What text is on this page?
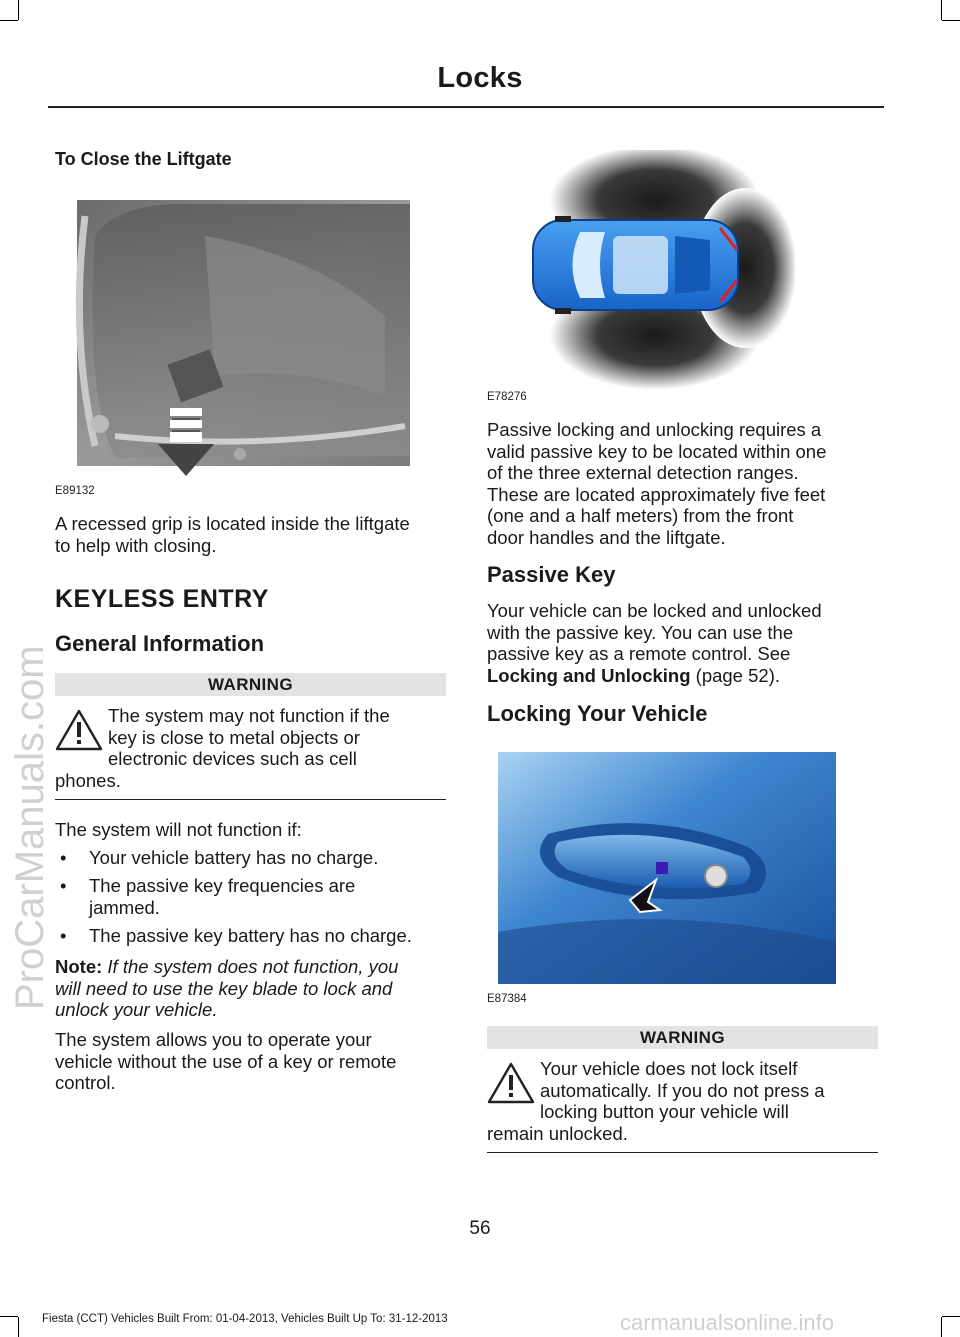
Locks
To Close the Liftgate
E89132
A recessed grip is located inside the liftgate
to help with closing.
KEYLESS ENTRY
General Information
WARNING
The system may not function if the
key is close to metal objects or
electronic devices such as cell
phones.
The system will not function if:
• Your vehicle battery has no charge.
• The passive key frequencies are
jammed.
• The passive key battery has no charge.
Note: If the system does not function, you
will need to use the key blade to lock and
unlock your vehicle.
The system allows you to operate your
vehicle without the use of a key or remote
control.
E78276
Passive locking and unlocking requires a
valid passive key to be located within one
of the three external detection ranges.
These are located approximately five feet
(one and a half meters) from the front
door handles and the liftgate.
Passive Key
Your vehicle can be locked and unlocked
with the passive key. You can use the
passive key as a remote control. See
Locking and Unlocking (page 52).
Locking Your Vehicle
E87384
WARNING
Your vehicle does not lock itself
automatically. If you do not press a
locking button your vehicle will
remain unlocked.
56
Fiesta (CCT) Vehicles Built From: 01-04-2013, Vehicles Built Up To: 31-12-2013
ProCarManuals.com
carmanualsonline.info
